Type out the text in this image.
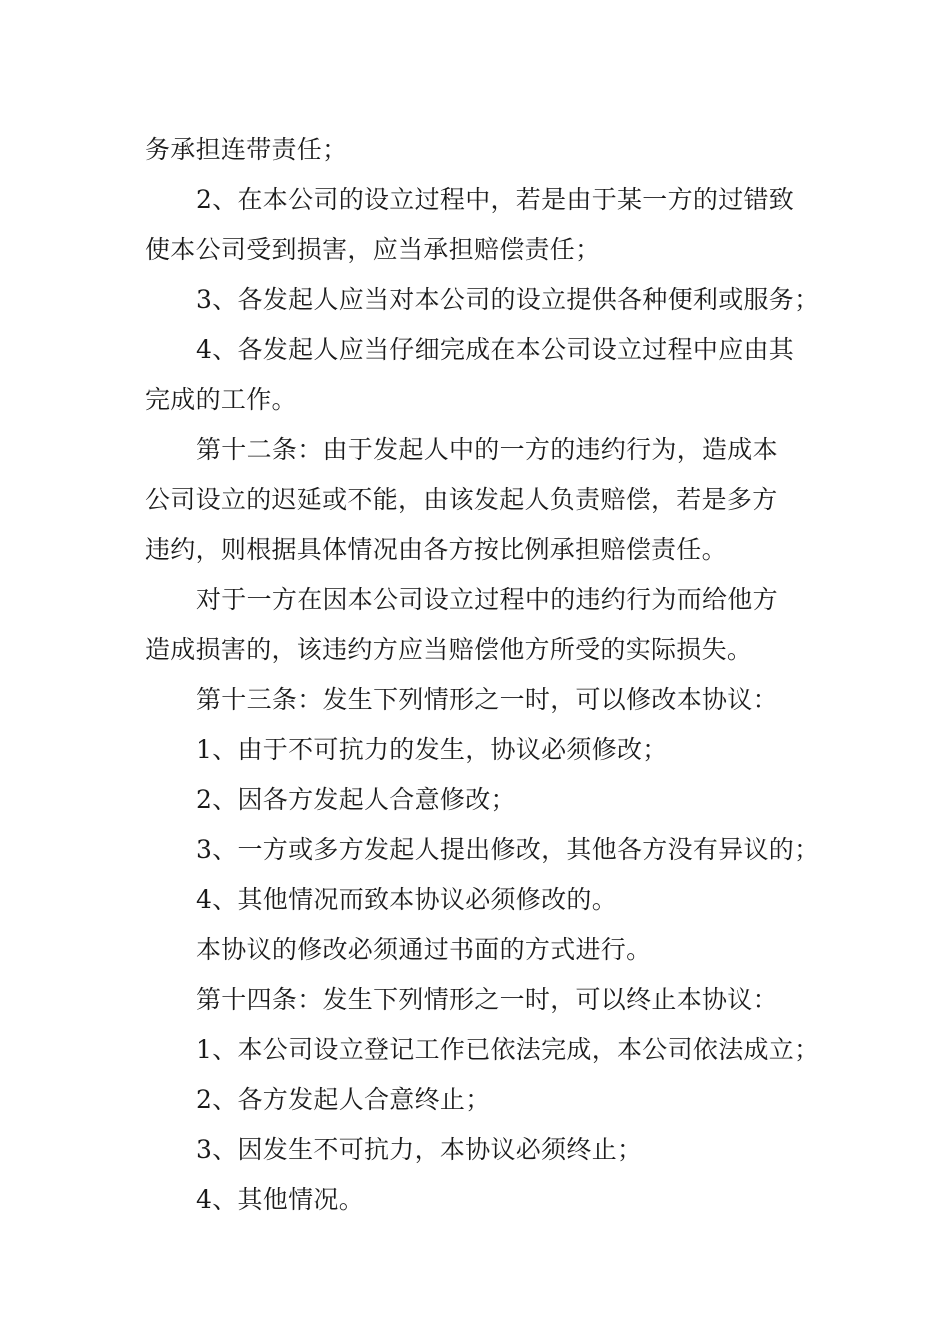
务承担连带责任；
2、在本公司的设立过程中，若是由于某一方的过错致
使本公司受到损害，应当承担赔偿责任；
3、各发起人应当对本公司的设立提供各种便利或服务；
4、各发起人应当仔细完成在本公司设立过程中应由其
完成的工作。
第十二条：由于发起人中的一方的违约行为，造成本
公司设立的迟延或不能，由该发起人负责赔偿，若是多方
违约，则根据具体情况由各方按比例承担赔偿责任。
对于一方在因本公司设立过程中的违约行为而给他方
造成损害的，该违约方应当赔偿他方所受的实际损失。
第十三条：发生下列情形之一时，可以修改本协议：
1、由于不可抗力的发生，协议必须修改；
2、因各方发起人合意修改；
3、一方或多方发起人提出修改，其他各方没有异议的；
4、其他情况而致本协议必须修改的。
本协议的修改必须通过书面的方式进行。
第十四条：发生下列情形之一时，可以终止本协议：
1、本公司设立登记工作已依法完成，本公司依法成立；
2、各方发起人合意终止；
3、因发生不可抗力，本协议必须终止；
4、其他情况。
